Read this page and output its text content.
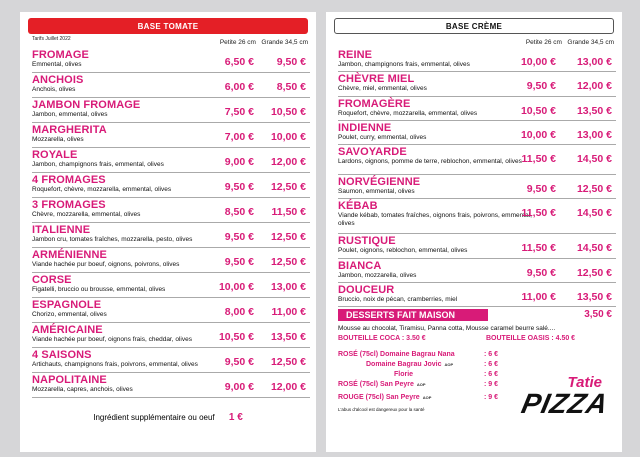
BASE TOMATE
Tarifs Juillet 2022	Petite 26 cm Grande 34,5 cm
FROMAGE
Emmental, olives	6,50 € 9,50 €
ANCHOIS
Anchois, olives	6,00 € 8,50 €
JAMBON FROMAGE
Jambon, emmental, olives	7,50 € 10,50 €
MARGHERITA
Mozzarella, olives	7,00 € 10,00 €
ROYALE
Jambon, champignons frais, emmental, olives	9,00 € 12,00 €
4 FROMAGES
Roquefort, chèvre, mozzarella, emmental, olives	9,50 € 12,50 €
3 FROMAGES
Chèvre, mozzarella, emmental, olives	8,50 € 11,50 €
ITALIENNE
Jambon cru, tomates fraîches, mozzarella, pesto, olives	9,50 € 12,50 €
ARMÉNIENNE
Viande hachée pur boeuf, oignons, poivrons, olives	9,50 € 12,50 €
CORSE
Figatelli, bruccio ou brousse, emmental, olives	10,00 € 13,00 €
ESPAGNOLE
Chorizo, emmental, olives	8,00 € 11,00 €
AMÉRICAINE
Viande hachée pur boeuf, oignons frais, cheddar, olives	10,50 € 13,50 €
4 SAISONS
Artichauts, champignons frais, poivrons, emmental, olives	9,50 € 12,50 €
NAPOLITAINE
Mozzarella, capres, anchois, olives	9,00 € 12,00 €
Ingrédient supplémentaire ou oeuf 1 €
BASE CRÈME
Petite 26 cm Grande 34,5 cm
REINE
Jambon, champignons frais, emmental, olives	10,00 € 13,00 €
CHÈVRE MIEL
Chèvre, miel, emmental, olives	9,50 € 12,00 €
FROMAGÈRE
Roquefort, chèvre, mozzarella, emmental, olives	10,50 € 13,50 €
INDIENNE
Poulet, curry, emmental, olives	10,00 € 13,00 €
SAVOYARDE
Lardons, oignons, pomme de terre, reblochon, emmental, olives 11,50 € 14,50 €
NORVÉGIENNE
Saumon, emmental, olives	9,50 € 12,50 €
KÉBAB
Viande kébab, tomates fraîches, oignons frais, poivrons, emmental, olives
11,50 € 14,50 €
RUSTIQUE
Poulet, oignons, reblochon, emmental, olives	11,50 € 14,50 €
BIANCA
Jambon, mozzarella, olives	9,50 € 12,50 €
DOUCEUR
Bruccio, noix de pécan, cramberries, miel	11,00 € 13,50 €
DESSERTS FAIT MAISON	3,50 €
Mousse au chocolat, Tiramisu, Panna cotta, Mousse caramel beurre salé....
BOUTEILLE COCA : 3.50 €	BOUTEILLE OASIS : 4.50 €
ROSÉ (75cl) Domaine Bagrau Nana	: 6 €
Domaine Bagrau Jovic AOP	: 6 €
Florie	: 6 €
ROSÉ (75cl) San Peyre AOP	: 9 €
ROUGE (75cl) San Peyre AOP	: 9 €
L'abus d'alcool est dangereux pour la santé
Tatie
PIZZA
